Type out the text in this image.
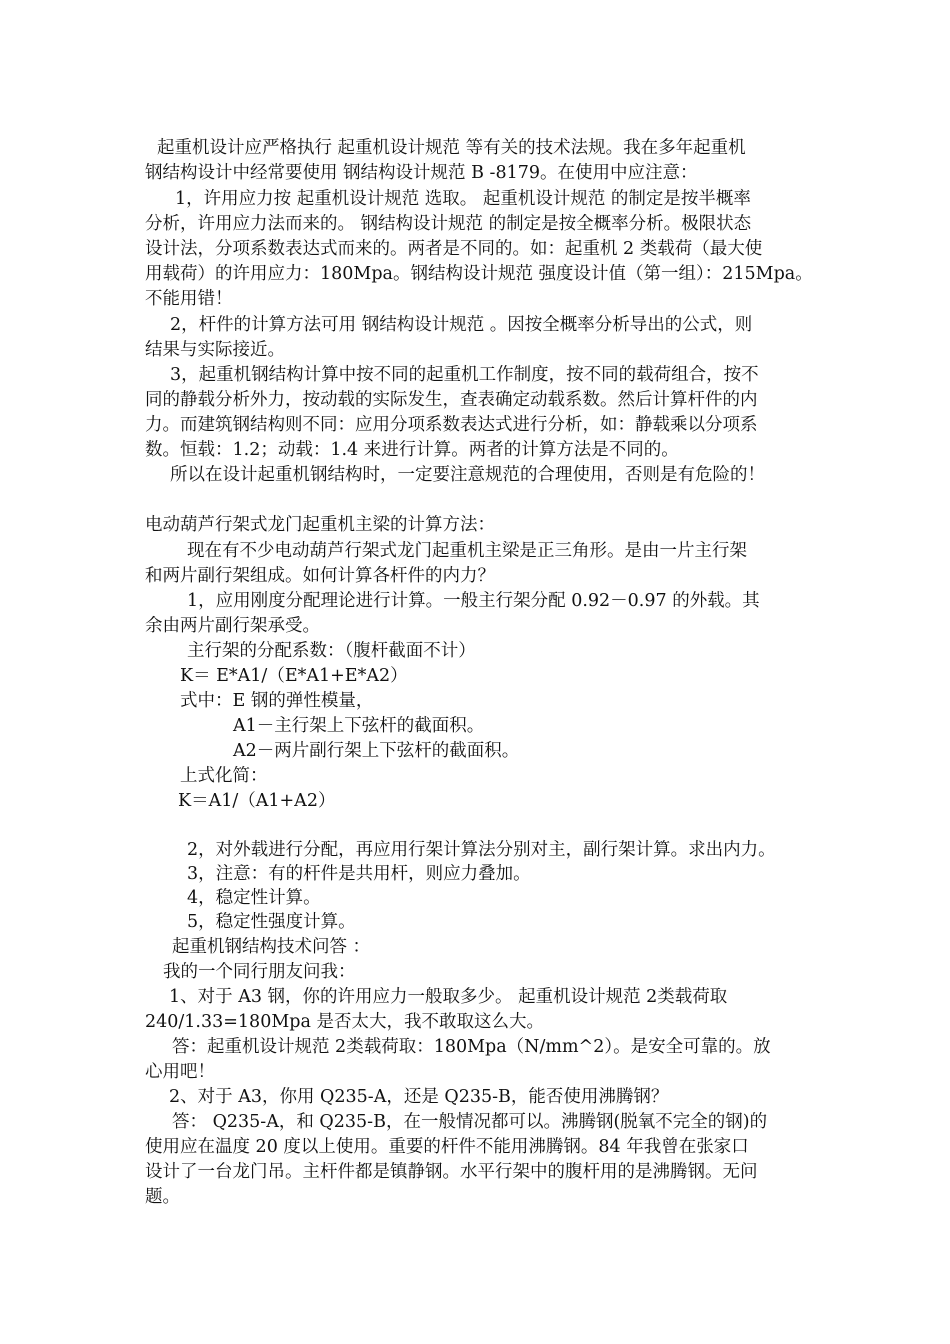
起重机设计应严格执行 起重机设计规范 等有关的技术法规。我在多年起重机
钢结构设计中经常要使用 钢结构设计规范 B -8179。在使用中应注意：
1，许用应力按 起重机设计规范 选取。 起重机设计规范 的制定是按半概率
分析，许用应力法而来的。 钢结构设计规范 的制定是按全概率分析。极限状态
设计法，分项系数表达式而来的。两者是不同的。如：起重机 2 类载荷（最大使
用载荷）的许用应力：180Mpa。钢结构设计规范 强度设计值（第一组）：215Mpa。
不能用错！
2，杆件的计算方法可用 钢结构设计规范 。因按全概率分析导出的公式，则
结果与实际接近。
3，起重机钢结构计算中按不同的起重机工作制度，按不同的载荷组合，按不
同的静载分析外力，按动载的实际发生，查表确定动载系数。然后计算杆件的内
力。而建筑钢结构则不同：应用分项系数表达式进行分析，如：静载乘以分项系
数。恒载：1.2；动载：1.4 来进行计算。两者的计算方法是不同的。
所以在设计起重机钢结构时，一定要注意规范的合理使用，否则是有危险的！
电动葫芦行架式龙门起重机主梁的计算方法：
现在有不少电动葫芦行架式龙门起重机主梁是正三角形。是由一片主行架
和两片副行架组成。如何计算各杆件的内力？
1，应用刚度分配理论进行计算。一般主行架分配 0.92－0.97 的外载。其
余由两片副行架承受。
主行架的分配系数：（腹杆截面不计）
K＝ E*A1/（E*A1+E*A2）
式中：E 钢的弹性模量，
A1－主行架上下弦杆的截面积。
A2－两片副行架上下弦杆的截面积。
上式化简：
K＝A1/（A1+A2）
2，对外载进行分配，再应用行架计算法分别对主，副行架计算。求出内力。
3，注意：有的杆件是共用杆，则应力叠加。
4，稳定性计算。
5，稳定性强度计算。
起重机钢结构技术问答 ：
我的一个同行朋友问我：
1、对于 A3 钢，你的许用应力一般取多少。 起重机设计规范 2类载荷取
240/1.33=180Mpa 是否太大，我不敢取这么大。
答：起重机设计规范 2类载荷取：180Mpa（N/mm^2）。是安全可靠的。放
心用吧！
2、对于 A3，你用 Q235-A，还是 Q235-B，能否使用沸腾钢？
答： Q235-A，和 Q235-B，在一般情况都可以。沸腾钢(脱氧不完全的钢)的
使用应在温度 20 度以上使用。重要的杆件不能用沸腾钢。84 年我曾在张家口
设计了一台龙门吊。主杆件都是镇静钢。水平行架中的腹杆用的是沸腾钢。无问
题。
